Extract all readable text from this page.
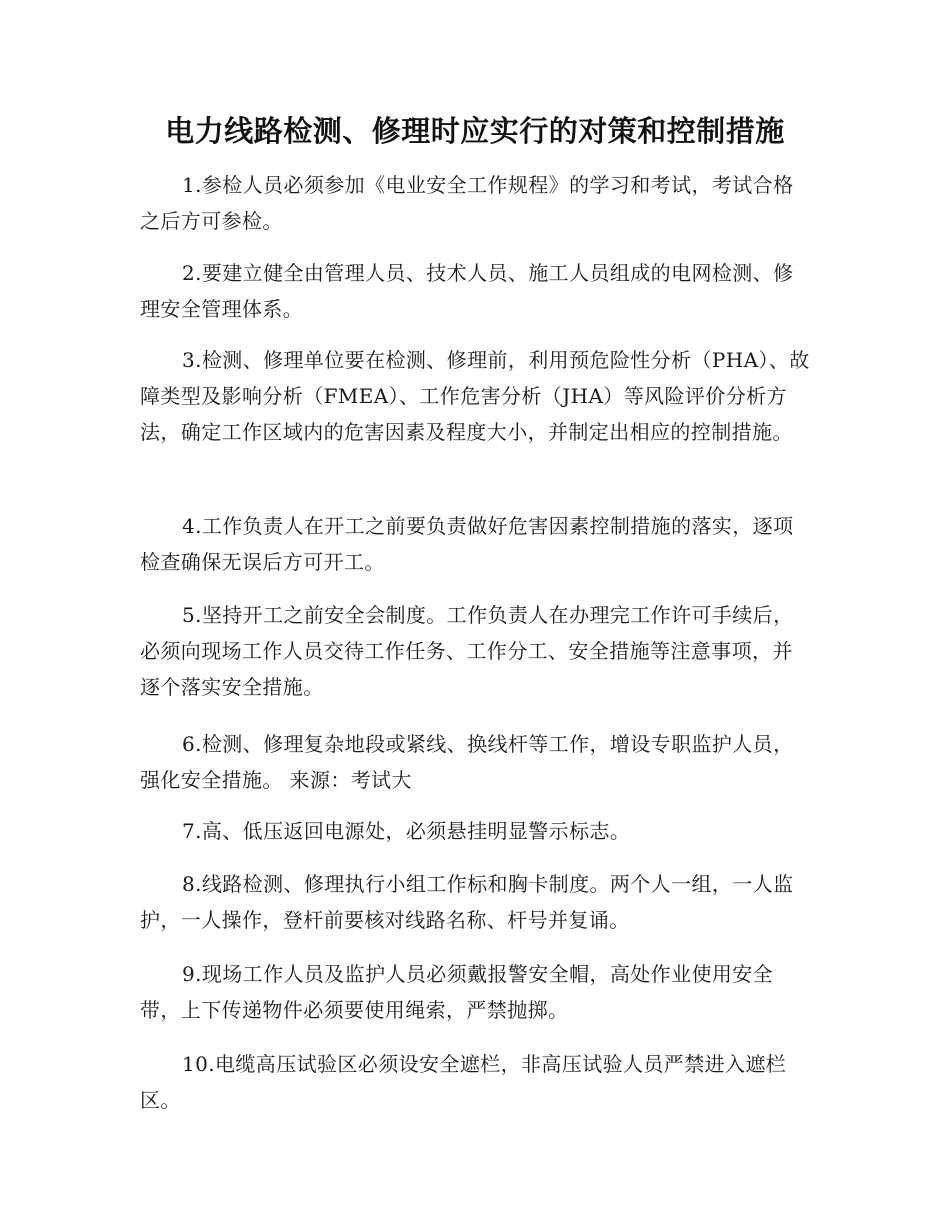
电力线路检测、修理时应实行的对策和控制措施

1.参检人员必须参加《电业安全工作规程》的学习和考试，考试合格之后方可参检。

2.要建立健全由管理人员、技术人员、施工人员组成的电网检测、修理安全管理体系。

3.检测、修理单位要在检测、修理前，利用预危险性分析（PHA）、故障类型及影响分析（FMEA）、工作危害分析（JHA）等风险评价分析方法，确定工作区域内的危害因素及程度大小，并制定出相应的控制措施。

4.工作负责人在开工之前要负责做好危害因素控制措施的落实，逐项检查确保无误后方可开工。

5.坚持开工之前安全会制度。工作负责人在办理完工作许可手续后，必须向现场工作人员交待工作任务、工作分工、安全措施等注意事项，并逐个落实安全措施。

6.检测、修理复杂地段或紧线、换线杆等工作，增设专职监护人员，强化安全措施。 来源：考试大

7.高、低压返回电源处，必须悬挂明显警示标志。

8.线路检测、修理执行小组工作标和胸卡制度。两个人一组，一人监护，一人操作，登杆前要核对线路名称、杆号并复诵。

9.现场工作人员及监护人员必须戴报警安全帽，高处作业使用安全带，上下传递物件必须要使用绳索，严禁抛掷。

10.电缆高压试验区必须设安全遮栏，非高压试验人员严禁进入遮栏区。
